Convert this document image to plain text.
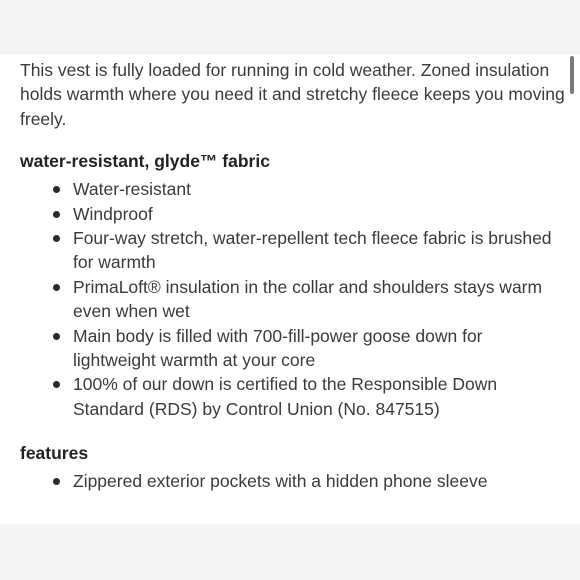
This vest is fully loaded for running in cold weather. Zoned insulation holds warmth where you need it and stretchy fleece keeps you moving freely.

water-resistant, glyde™ fabric
Water-resistant
Windproof
Four-way stretch, water-repellent tech fleece fabric is brushed for warmth
PrimaLoft® insulation in the collar and shoulders stays warm even when wet
Main body is filled with 700-fill-power goose down for lightweight warmth at your core
100% of our down is certified to the Responsible Down Standard (RDS) by Control Union (No. 847515)
features
Zippered exterior pockets with a hidden phone sleeve
